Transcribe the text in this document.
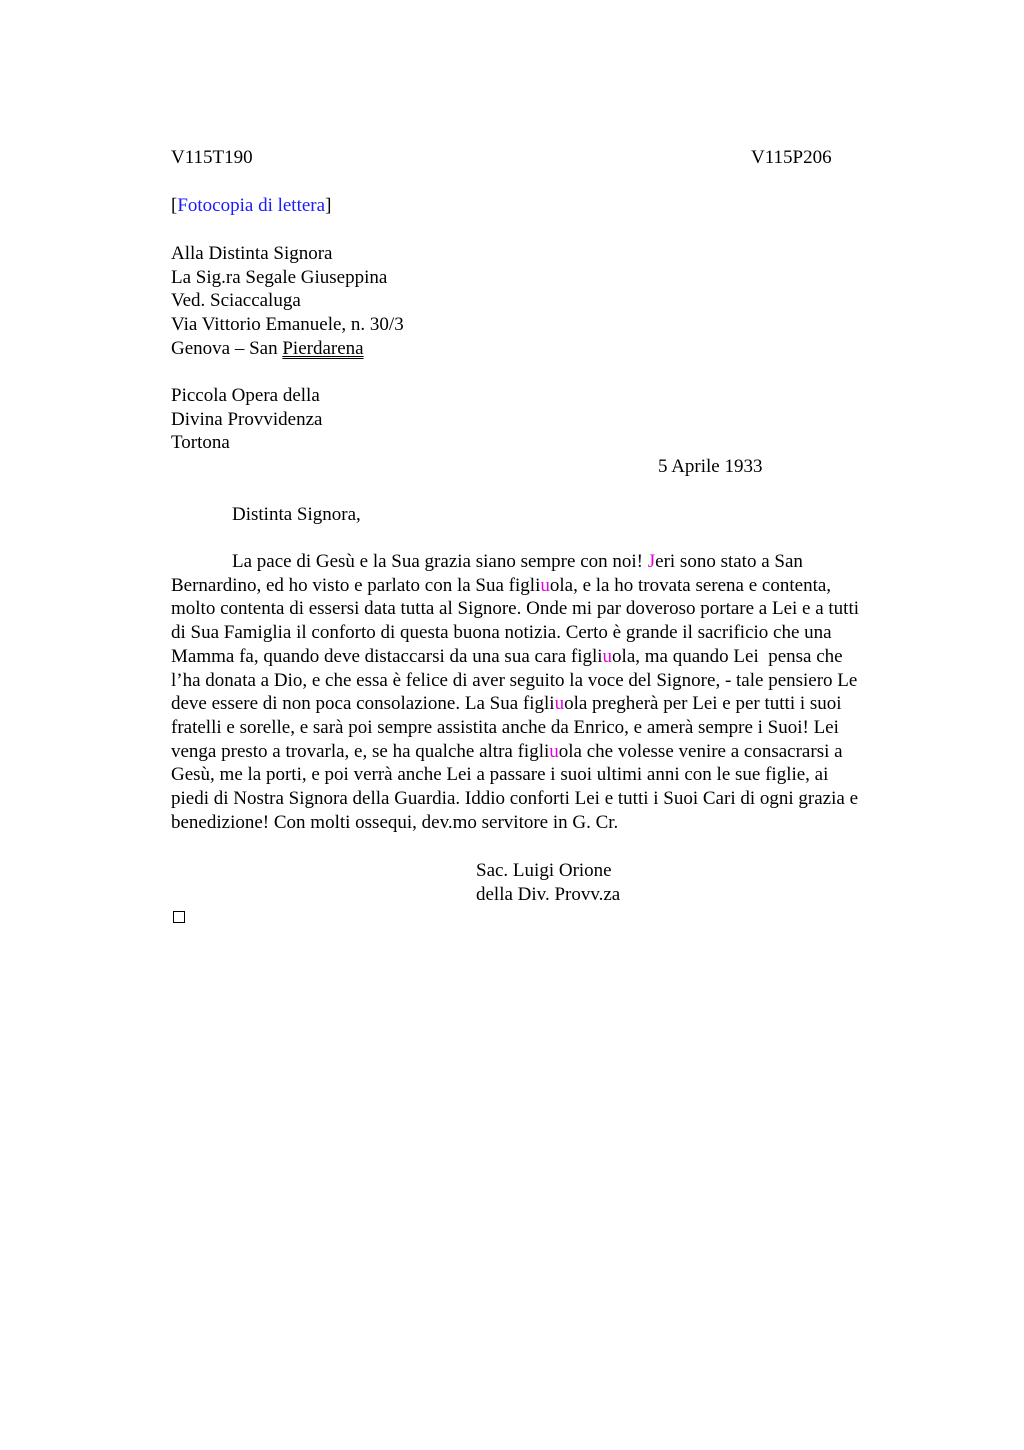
V115T190	V115P206
[Fotocopia di lettera]
Alla Distinta Signora
La Sig.ra Segale Giuseppina
Ved. Sciaccaluga
Via Vittorio Emanuele, n. 30/3
Genova – San Pierdarena
Piccola Opera della
Divina Provvidenza
Tortona
5 Aprile 1933
Distinta Signora,
La pace di Gesù e la Sua grazia siano sempre con noi! Jeri sono stato a San
Bernardino, ed ho visto e parlato con la Sua figliuola, e la ho trovata serena e contenta,
molto contenta di essersi data tutta al Signore. Onde mi par doveroso portare a Lei e a tutti
di Sua Famiglia il conforto di questa buona notizia. Certo è grande il sacrificio che una
Mamma fa, quando deve distaccarsi da una sua cara figliuola, ma quando Lei  pensa che
l’ha donata a Dio, e che essa è felice di aver seguito la voce del Signore, - tale pensiero Le
deve essere di non poca consolazione. La Sua figliuola pregherà per Lei e per tutti i suoi
fratelli e sorelle, e sarà poi sempre assistita anche da Enrico, e amerà sempre i Suoi! Lei
venga presto a trovarla, e, se ha qualche altra figliuola che volesse venire a consacrarsi a
Gesù, me la porti, e poi verrà anche Lei a passare i suoi ultimi anni con le sue figlie, ai
piedi di Nostra Signora della Guardia. Iddio conforti Lei e tutti i Suoi Cari di ogni grazia e
benedizione! Con molti ossequi, dev.mo servitore in G. Cr.
Sac. Luigi Orione
della Div. Provv.za
